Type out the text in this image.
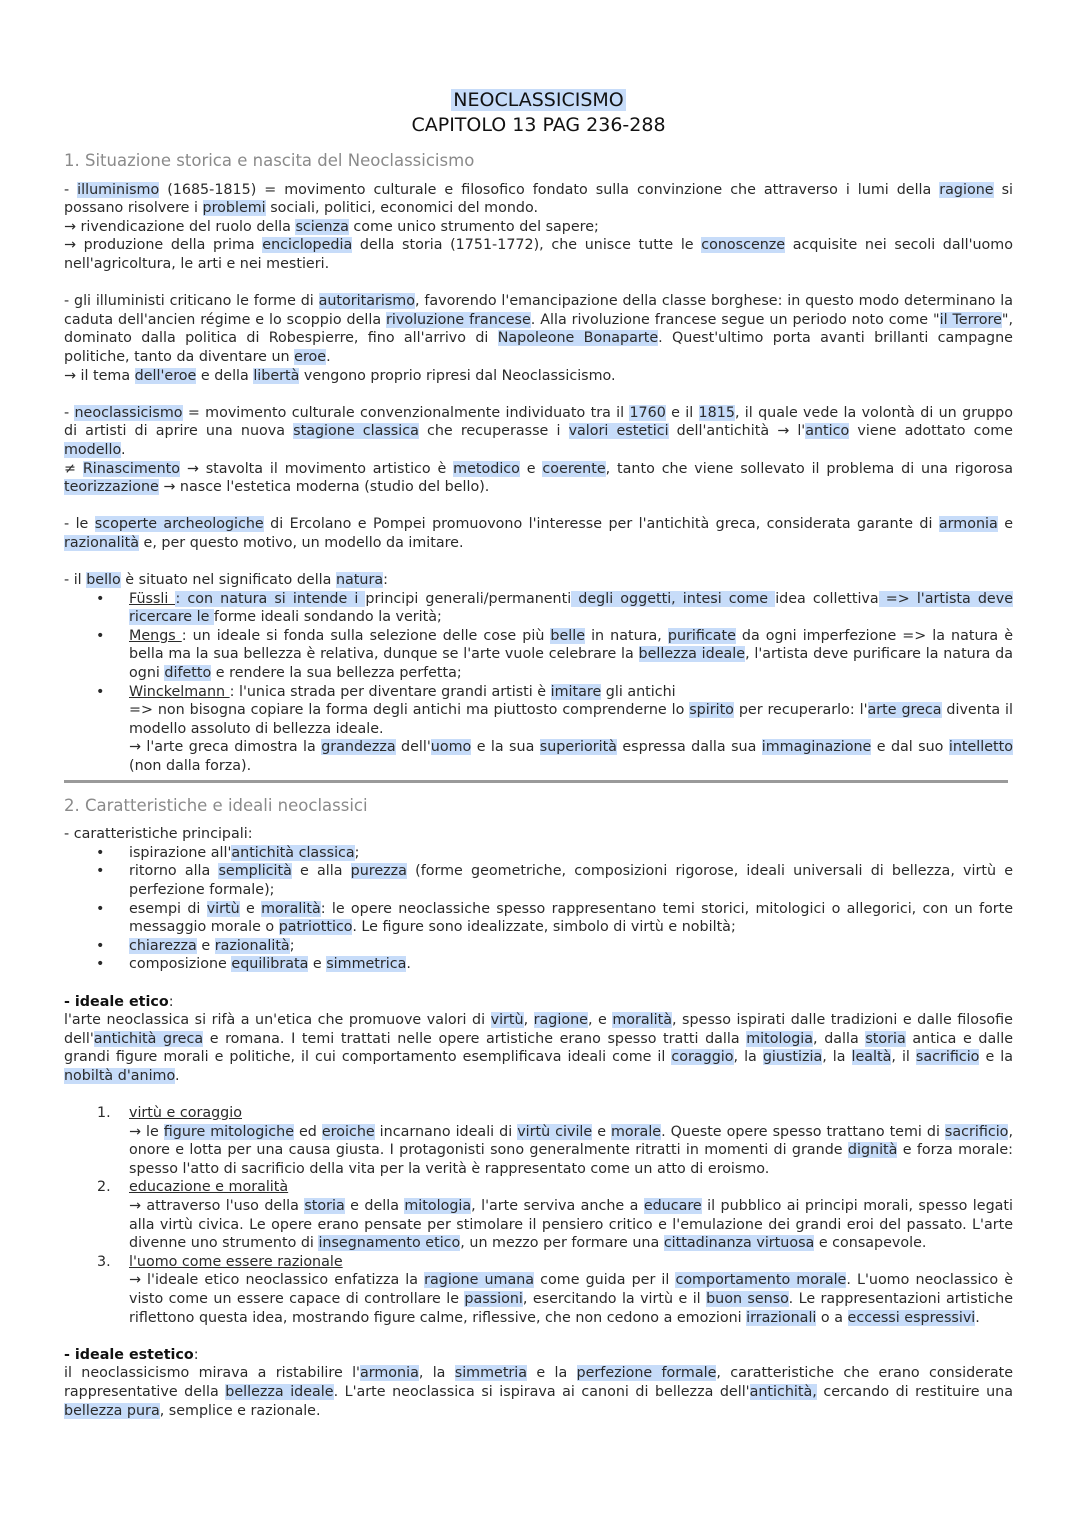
NEOCLASSICISMO
CAPITOLO 13 PAG 236-288
1. Situazione storica e nascita del Neoclassicismo

- illuminismo (1685-1815) = movimento culturale e filosofico fondato sulla convinzione che attraverso i lumi della ragione si possano risolvere i problemi sociali, politici, economici del mondo.

→ rivendicazione del ruolo della scienza come unico strumento del sapere;

→ produzione della prima enciclopedia della storia (1751-1772), che unisce tutte le conoscenze acquisite nei secoli dall'uomo nell'agricoltura, le arti e nei mestieri.

- gli illuministi criticano le forme di autoritarismo, favorendo l'emancipazione della classe borghese: in questo modo determinano la caduta dell'ancien régime e lo scoppio della rivoluzione francese. Alla rivoluzione francese segue un periodo noto come "il Terrore", dominato dalla politica di Robespierre, fino all'arrivo di Napoleone Bonaparte. Quest'ultimo porta avanti brillanti campagne politiche, tanto da diventare un eroe.

→ il tema dell'eroe e della libertà vengono proprio ripresi dal Neoclassicismo.

- neoclassicismo = movimento culturale convenzionalmente individuato tra il 1760 e il 1815, il quale vede la volontà di un gruppo di artisti di aprire una nuova stagione classica che recuperasse i valori estetici dell'antichità → l'antico viene adottato come modello.

≠ Rinascimento → stavolta il movimento artistico è metodico e coerente, tanto che viene sollevato il problema di una rigorosa teorizzazione → nasce l'estetica moderna (studio del bello).

- le scoperte archeologiche di Ercolano e Pompei promuovono l'interesse per l'antichità greca, considerata garante di armonia e razionalità e, per questo motivo, un modello da imitare.

- il bello è situato nel significato della natura:

• Füssli : con natura si intende i principi generali/permanenti degli oggetti, intesi come idea collettiva => l'artista deve ricercare le forme ideali sondando la verità;
• Mengs : un ideale si fonda sulla selezione delle cose più belle in natura, purificate da ogni imperfezione => la natura è bella ma la sua bellezza è relativa, dunque se l'arte vuole celebrare la bellezza ideale, l'artista deve purificare la natura da ogni difetto e rendere la sua bellezza perfetta;
• Winckelmann : l'unica strada per diventare grandi artisti è imitare gli antichi
=> non bisogna copiare la forma degli antichi ma piuttosto comprenderne lo spirito per recuperarlo: l'arte greca diventa il modello assoluto di bellezza ideale.
→ l'arte greca dimostra la grandezza dell'uomo e la sua superiorità espressa dalla sua immaginazione e dal suo intelletto (non dalla forza).
2. Caratteristiche e ideali neoclassici

- caratteristiche principali:

• ispirazione all'antichità classica;
• ritorno alla semplicità e alla purezza (forme geometriche, composizioni rigorose, ideali universali di bellezza, virtù e perfezione formale);
• esempi di virtù e moralità: le opere neoclassiche spesso rappresentano temi storici, mitologici o allegorici, con un forte messaggio morale o patriottico. Le figure sono idealizzate, simbolo di virtù e nobiltà;
• chiarezza e razionalità;
• composizione equilibrata e simmetrica.

- ideale etico:

l'arte neoclassica si rifà a un'etica che promuove valori di virtù, ragione, e moralità, spesso ispirati dalle tradizioni e dalle filosofie dell'antichità greca e romana. I temi trattati nelle opere artistiche erano spesso tratti dalla mitologia, dalla storia antica e dalle grandi figure morali e politiche, il cui comportamento esemplificava ideali come il coraggio, la giustizia, la lealtà, il sacrificio e la nobiltà d'animo.

1. virtù e coraggio
→ le figure mitologiche ed eroiche incarnano ideali di virtù civile e morale. Queste opere spesso trattano temi di sacrificio, onore e lotta per una causa giusta. I protagonisti sono generalmente ritratti in momenti di grande dignità e forza morale: spesso l'atto di sacrificio della vita per la verità è rappresentato come un atto di eroismo.
2. educazione e moralità
→ attraverso l'uso della storia e della mitologia, l'arte serviva anche a educare il pubblico ai principi morali, spesso legati alla virtù civica. Le opere erano pensate per stimolare il pensiero critico e l'emulazione dei grandi eroi del passato. L'arte divenne uno strumento di insegnamento etico, un mezzo per formare una cittadinanza virtuosa e consapevole.
3. l'uomo come essere razionale
→ l'ideale etico neoclassico enfatizza la ragione umana come guida per il comportamento morale. L'uomo neoclassico è visto come un essere capace di controllare le passioni, esercitando la virtù e il buon senso. Le rappresentazioni artistiche riflettono questa idea, mostrando figure calme, riflessive, che non cedono a emozioni irrazionali o a eccessi espressivi.

- ideale estetico:

il neoclassicismo mirava a ristabilire l'armonia, la simmetria e la perfezione formale, caratteristiche che erano considerate rappresentative della bellezza ideale. L'arte neoclassica si ispirava ai canoni di bellezza dell'antichità, cercando di restituire una bellezza pura, semplice e razionale.
